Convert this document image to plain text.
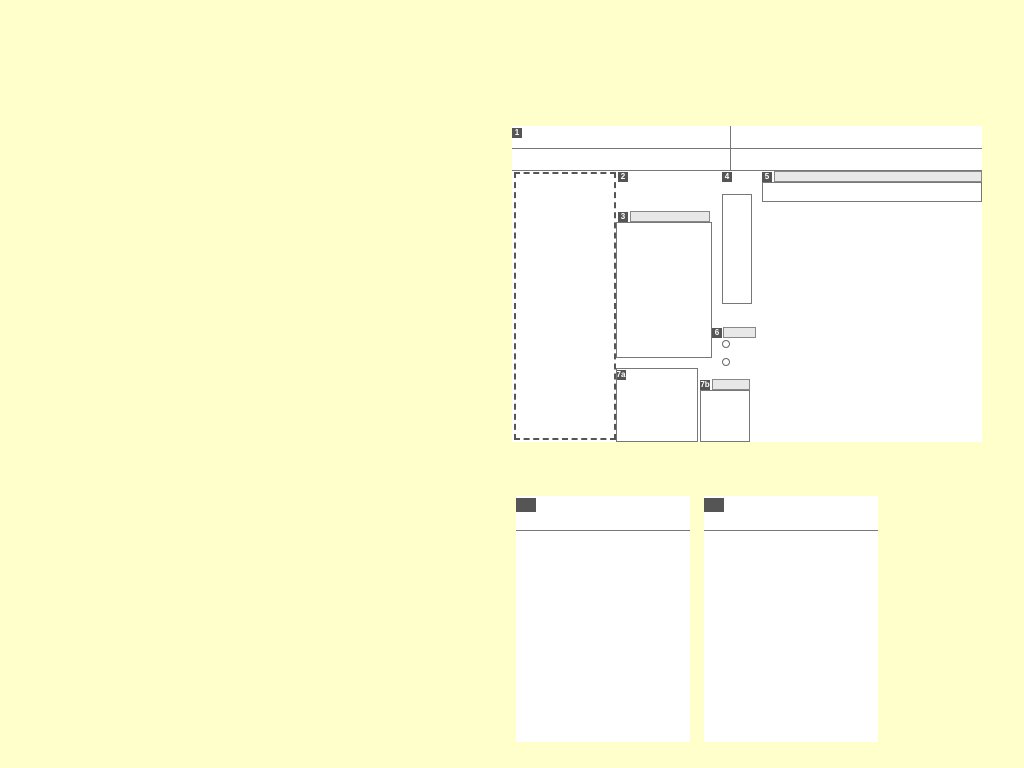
1
2	4
3
6
7a
7b
5
